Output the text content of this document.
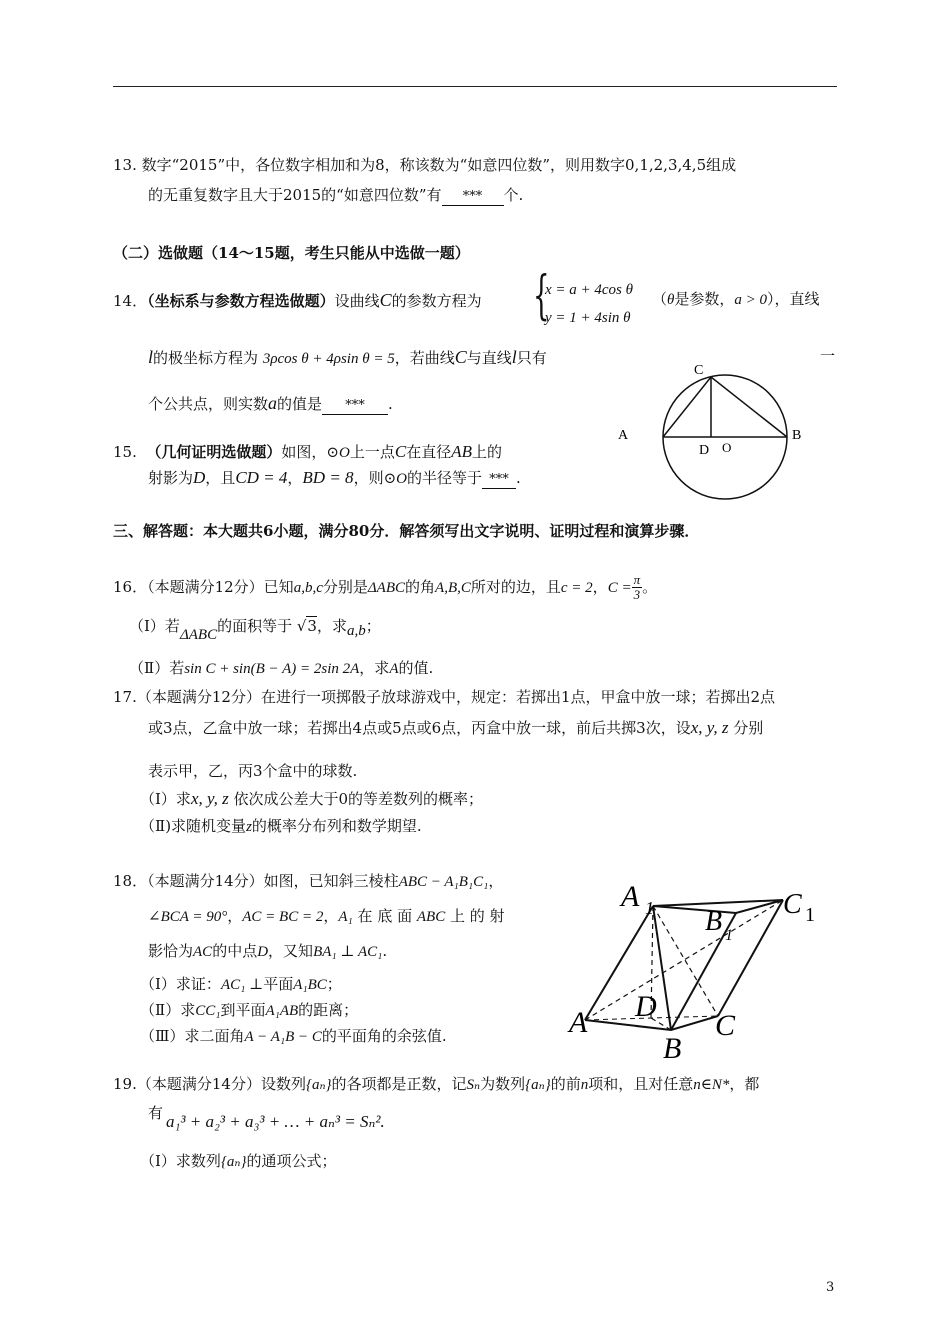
13. 数字“2015”中，各位数字相加和为8，称该数为“如意四位数”，则用数字0,1,2,3,4,5组成
的无重复数字且大于2015的“如意四位数”有 *** 个.
（二）选做题（14～15题，考生只能从中选做一题）
14．（坐标系与参数方程选做题）设曲线C的参数方程为 {
x = a + 4cos θ
y = 1 + 4sin θ
（θ是参数，a > 0），直线
l的极坐标方程为 3ρcos θ + 4ρsin θ = 5，若曲线C与直线l只有	一
个公共点，则实数a的值是 *** .
15. （几何证明选做题）如图，⊙O上一点C在直径AB上的
射影为D，且CD = 4，BD = 8，则⊙O的半径等于 *** .
C
A	B
D O
三、解答题：本大题共6小题，满分80分．解答须写出文字说明、证明过程和演算步骤．
16．（本题满分12分）已知a,b,c分别是ΔABC的角A,B,C所对的边，且c = 2，$C = \frac{\pi}{3}$ 。
（Ⅰ）若ΔABC的面积等于 √3，求a,b；
（Ⅱ）若sin C + sin(B − A) = 2sin 2A，求A的值.
17.（本题满分12分）在进行一项掷骰子放球游戏中，规定：若掷出1点，甲盒中放一球；若掷出2点
或3点，乙盒中放一球；若掷出4点或5点或6点，丙盒中放一球，前后共掷3次，设x, y, z 分别
表示甲，乙，丙3个盒中的球数.
（Ⅰ）求x, y, z 依次成公差大于0的等差数列的概率；
（Ⅱ)求随机变量z的概率分布列和数学期望.
18．（本题满分14分）如图，已知斜三棱柱ABC − A₁B₁C₁，
∠BCA = 90°，AC = BC = 2，A₁ 在 底 面 ABC 上 的 射
影恰为AC的中点D，又知BA₁ ⊥ AC₁.
（Ⅰ）求证：AC₁ ⊥平面A₁BC；
（Ⅱ）求CC₁到平面A₁AB的距离；
（Ⅲ）求二面角A − A₁B − C的平面角的余弦值.
A 1 B 1
C 1
A
B
C
D
19.（本题满分14分）设数列{aₙ}的各项都是正数，记Sₙ为数列{aₙ}的前n项和，且对任意n∈N*，都
有 a₁³ + a₂³ + a₃³ + … + aₙ³ = Sₙ².
（Ⅰ）求数列{aₙ}的通项公式；
3
